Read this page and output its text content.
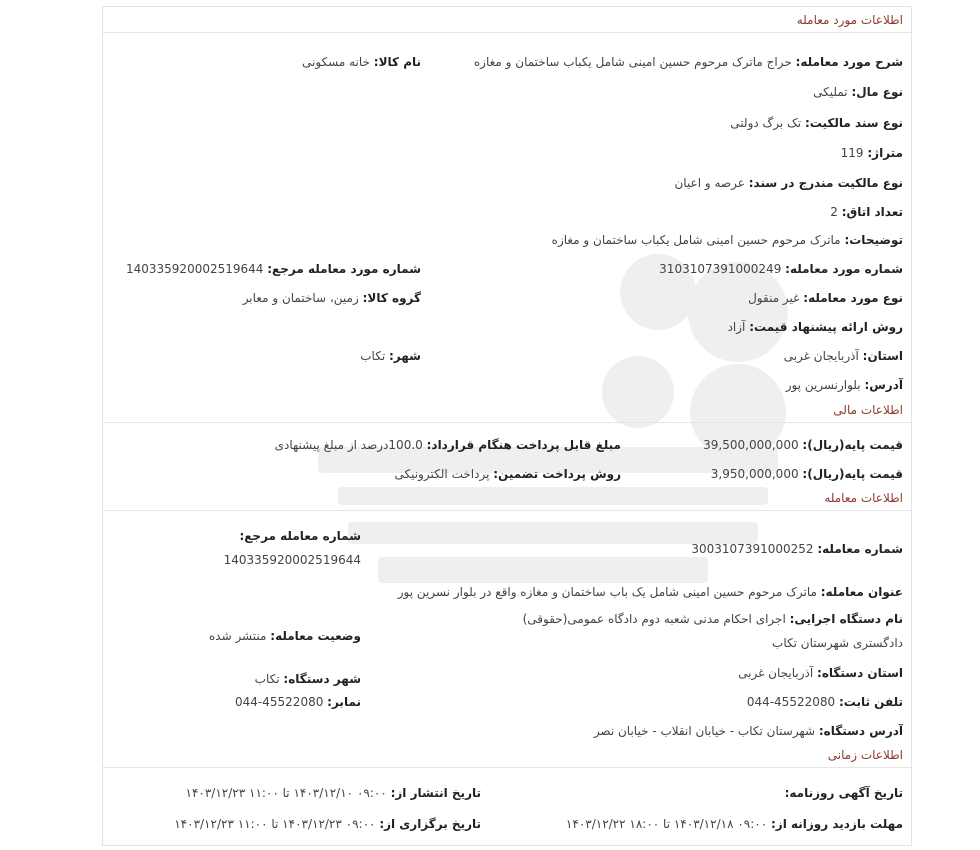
اطلاعات مورد معامله
شرح مورد معامله: حراج ماترک مرحوم حسین امینی شامل یکباب ساختمان و مغازه
نام کالا: خانه مسکونی
نوع مال: تملیکی
نوع سند مالکیت: تک برگ دولتی
متراژ: 119
نوع مالکیت مندرج در سند: عرصه و اعیان
تعداد اتاق: 2
توضیحات: ماترک مرحوم حسین امینی شامل یکباب ساختمان و مغازه
شماره مورد معامله: 3103107391000249
شماره مورد معامله مرجع: 140335920002519644
نوع مورد معامله: غیر منقول
گروه کالا: زمین، ساختمان و معابر
روش ارائه پیشنهاد قیمت: آزاد
استان: آذربایجان غربی
شهر: تکاب
آدرس: بلوارنسرین پور
اطلاعات مالی
قیمت پایه(ریال): 39,500,000,000
مبلغ قابل پرداخت هنگام قرارداد: 100.0درصد از مبلغ پیشنهادی
قیمت پایه(ریال): 3,950,000,000
روش پرداخت تضمین: پرداخت الکترونیکی
اطلاعات معامله
شماره معامله: 3003107391000252
شماره معامله مرجع:
140335920002519644
عنوان معامله: ماترک مرحوم حسین امینی شامل یک باب ساختمان و مغازه واقع در بلوار نسرین پور
نام دستگاه اجرایی: اجرای احکام مدنی شعبه دوم دادگاه عمومی(حقوقی) دادگستری شهرستان تکاب
وضعیت معامله: منتشر شده
استان دستگاه: آذربایجان غربی
شهر دستگاه: تکاب
تلفن ثابت: 044-45522080
نمابر: 044-45522080
آدرس دستگاه: شهرستان تکاب - خیابان انقلاب - خیابان نصر
اطلاعات زمانی
تاریخ آگهی روزنامه:
تاریخ انتشار از: ۰۹:۰۰ ۱۴۰۳/۱۲/۱۰ تا ۱۱:۰۰ ۱۴۰۳/۱۲/۲۳
مهلت بازدید روزانه از: ۰۹:۰۰ ۱۴۰۳/۱۲/۱۸ تا ۱۸:۰۰ ۱۴۰۳/۱۲/۲۲
تاریخ برگزاری از: ۰۹:۰۰ ۱۴۰۳/۱۲/۲۳ تا ۱۱:۰۰ ۱۴۰۳/۱۲/۲۳
